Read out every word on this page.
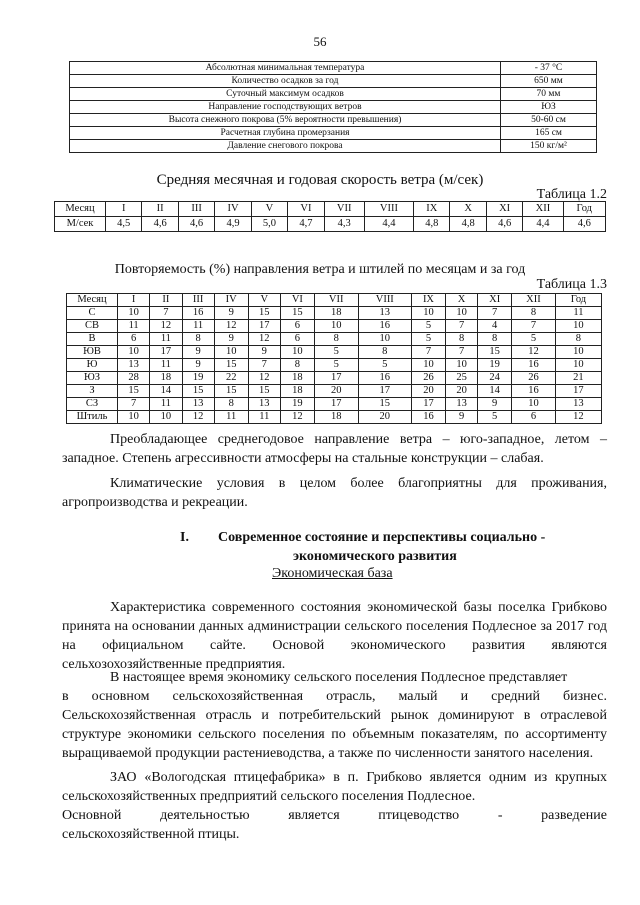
56
Абсолютная минимальная температура	- 37 °С
Количество осадков за год	650 мм
Суточный максимум осадков	70 мм
Направление господствующих ветров	ЮЗ
Высота снежного покрова (5% вероятности превышения)	50-60 см
Расчетная глубина промерзания	165 см
Давление снегового покрова	150 кг/м²
Средняя месячная и годовая скорость ветра (м/сек)
Таблица 1.2
Месяц	I	II	III	IV	V	VI	VII	VIII	IX	X	XI	XII	Год
М/сек	4,5	4,6	4,6	4,9	5,0	4,7	4,3	4,4	4,8	4,8	4,6	4,4	4,6
Повторяемость (%) направления ветра и штилей по месяцам и за год
Таблица 1.3
Месяц	I	II	III	IV	V	VI	VII	VIII	IX	X	XI	XII	Год
С	10	7	16	9	15	15	18	13	10	10	7	8	11
СВ	11	12	11	12	17	6	10	16	5	7	4	7	10
В	6	11	8	9	12	6	8	10	5	8	8	5	8
ЮВ	10	17	9	10	9	10	5	8	7	7	15	12	10
Ю	13	11	9	15	7	8	5	5	10	10	19	16	10
ЮЗ	28	18	19	22	12	18	17	16	26	25	24	26	21
З	15	14	15	15	15	18	20	17	20	20	14	16	17
СЗ	7	11	13	8	13	19	17	15	17	13	9	10	13
Штиль	10	10	12	11	11	12	18	20	16	9	5	6	12

Преобладающее среднегодовое направление ветра – юго-западное, летом – западное. Степень агрессивности атмосферы на стальные конструкции – слабая.

Климатические условия в целом более благоприятны для проживания, агропроизводства и рекреации.

I. Современное состояние и перспективы социально -
экономического развития
Экономическая база

Характеристика современного состояния экономической базы поселка Грибково принята на основании данных администрации сельского поселения Подлесное за 2017 год на официальном сайте. Основой экономического развития являются сельхозохозяйственные предприятия.

В настоящее время экономику сельского поселения Подлесное представляет
в основном сельскохозяйственная отрасль, малый и средний бизнес.
Сельскохозяйственная отрасль и потребительский рынок доминируют в отраслевой структуре экономики сельского поселения по объемным показателям, по ассортименту выращиваемой продукции растениеводства, а также по численности занятого населения.
ЗАО «Вологодская птицефабрика» в п. Грибково является одним из крупных сельскохозяйственных предприятий сельского поселения Подлесное.
Основной	деятельностью	является	птицеводство	-	разведение
сельскохозяйственной птицы.
